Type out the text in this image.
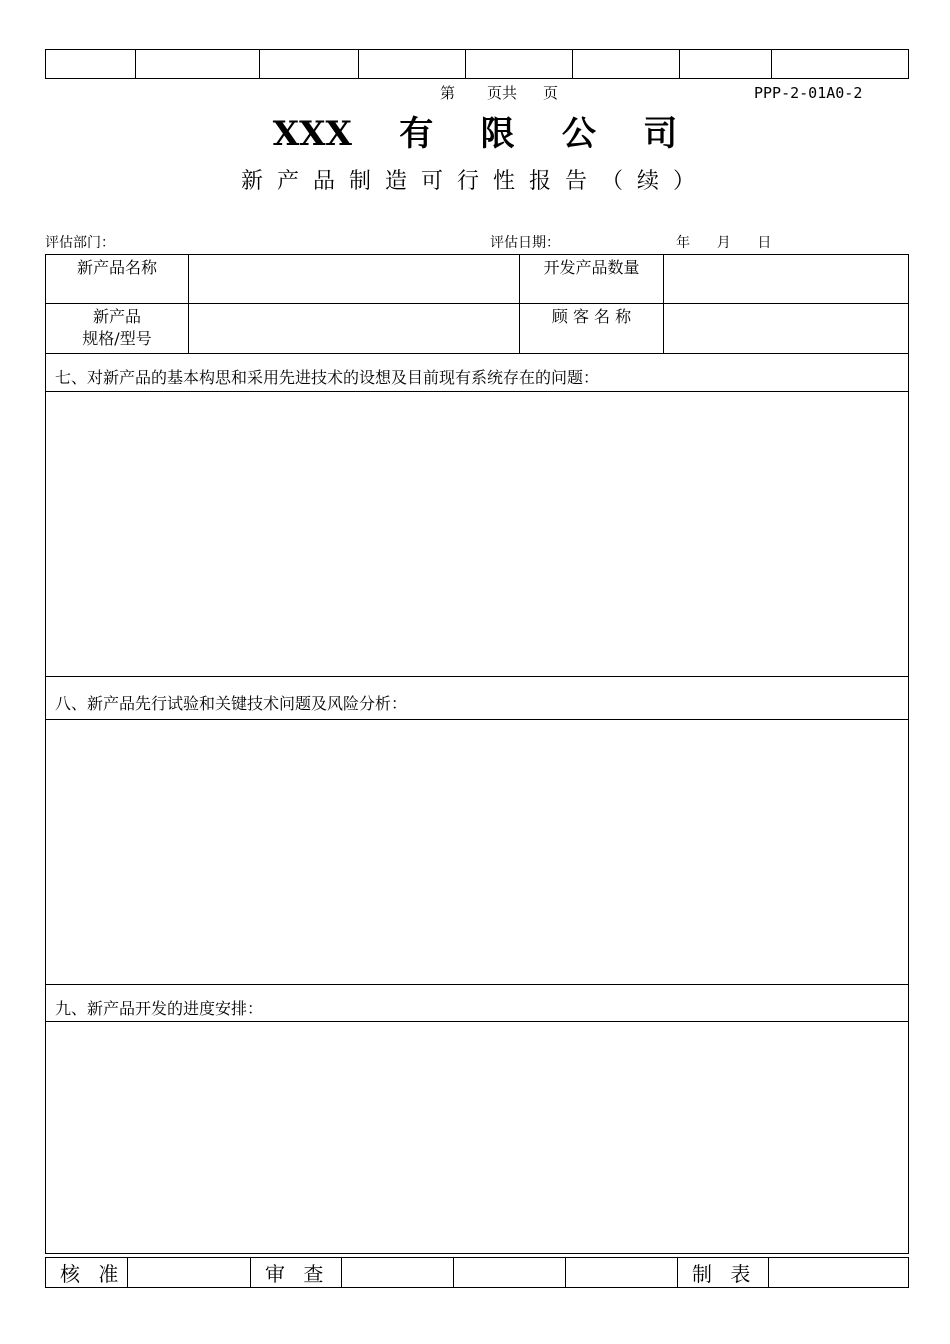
第 页共 页	PPP-2-01A0-2
XXX    有    限    公    司
新产品制造可行性报告（续）
评估部门：	评估日期：	年 月 日
新产品名称		开发产品数量	

新产品
规格/型号		顾 客 名 称	
七、对新产品的基本构思和采用先进技术的设想及目前现有系统存在的问题：			

八、新产品先行试验和关键技术问题及风险分析：			

九、新产品开发的进度安排：			

核 准		审 查				制 表	
